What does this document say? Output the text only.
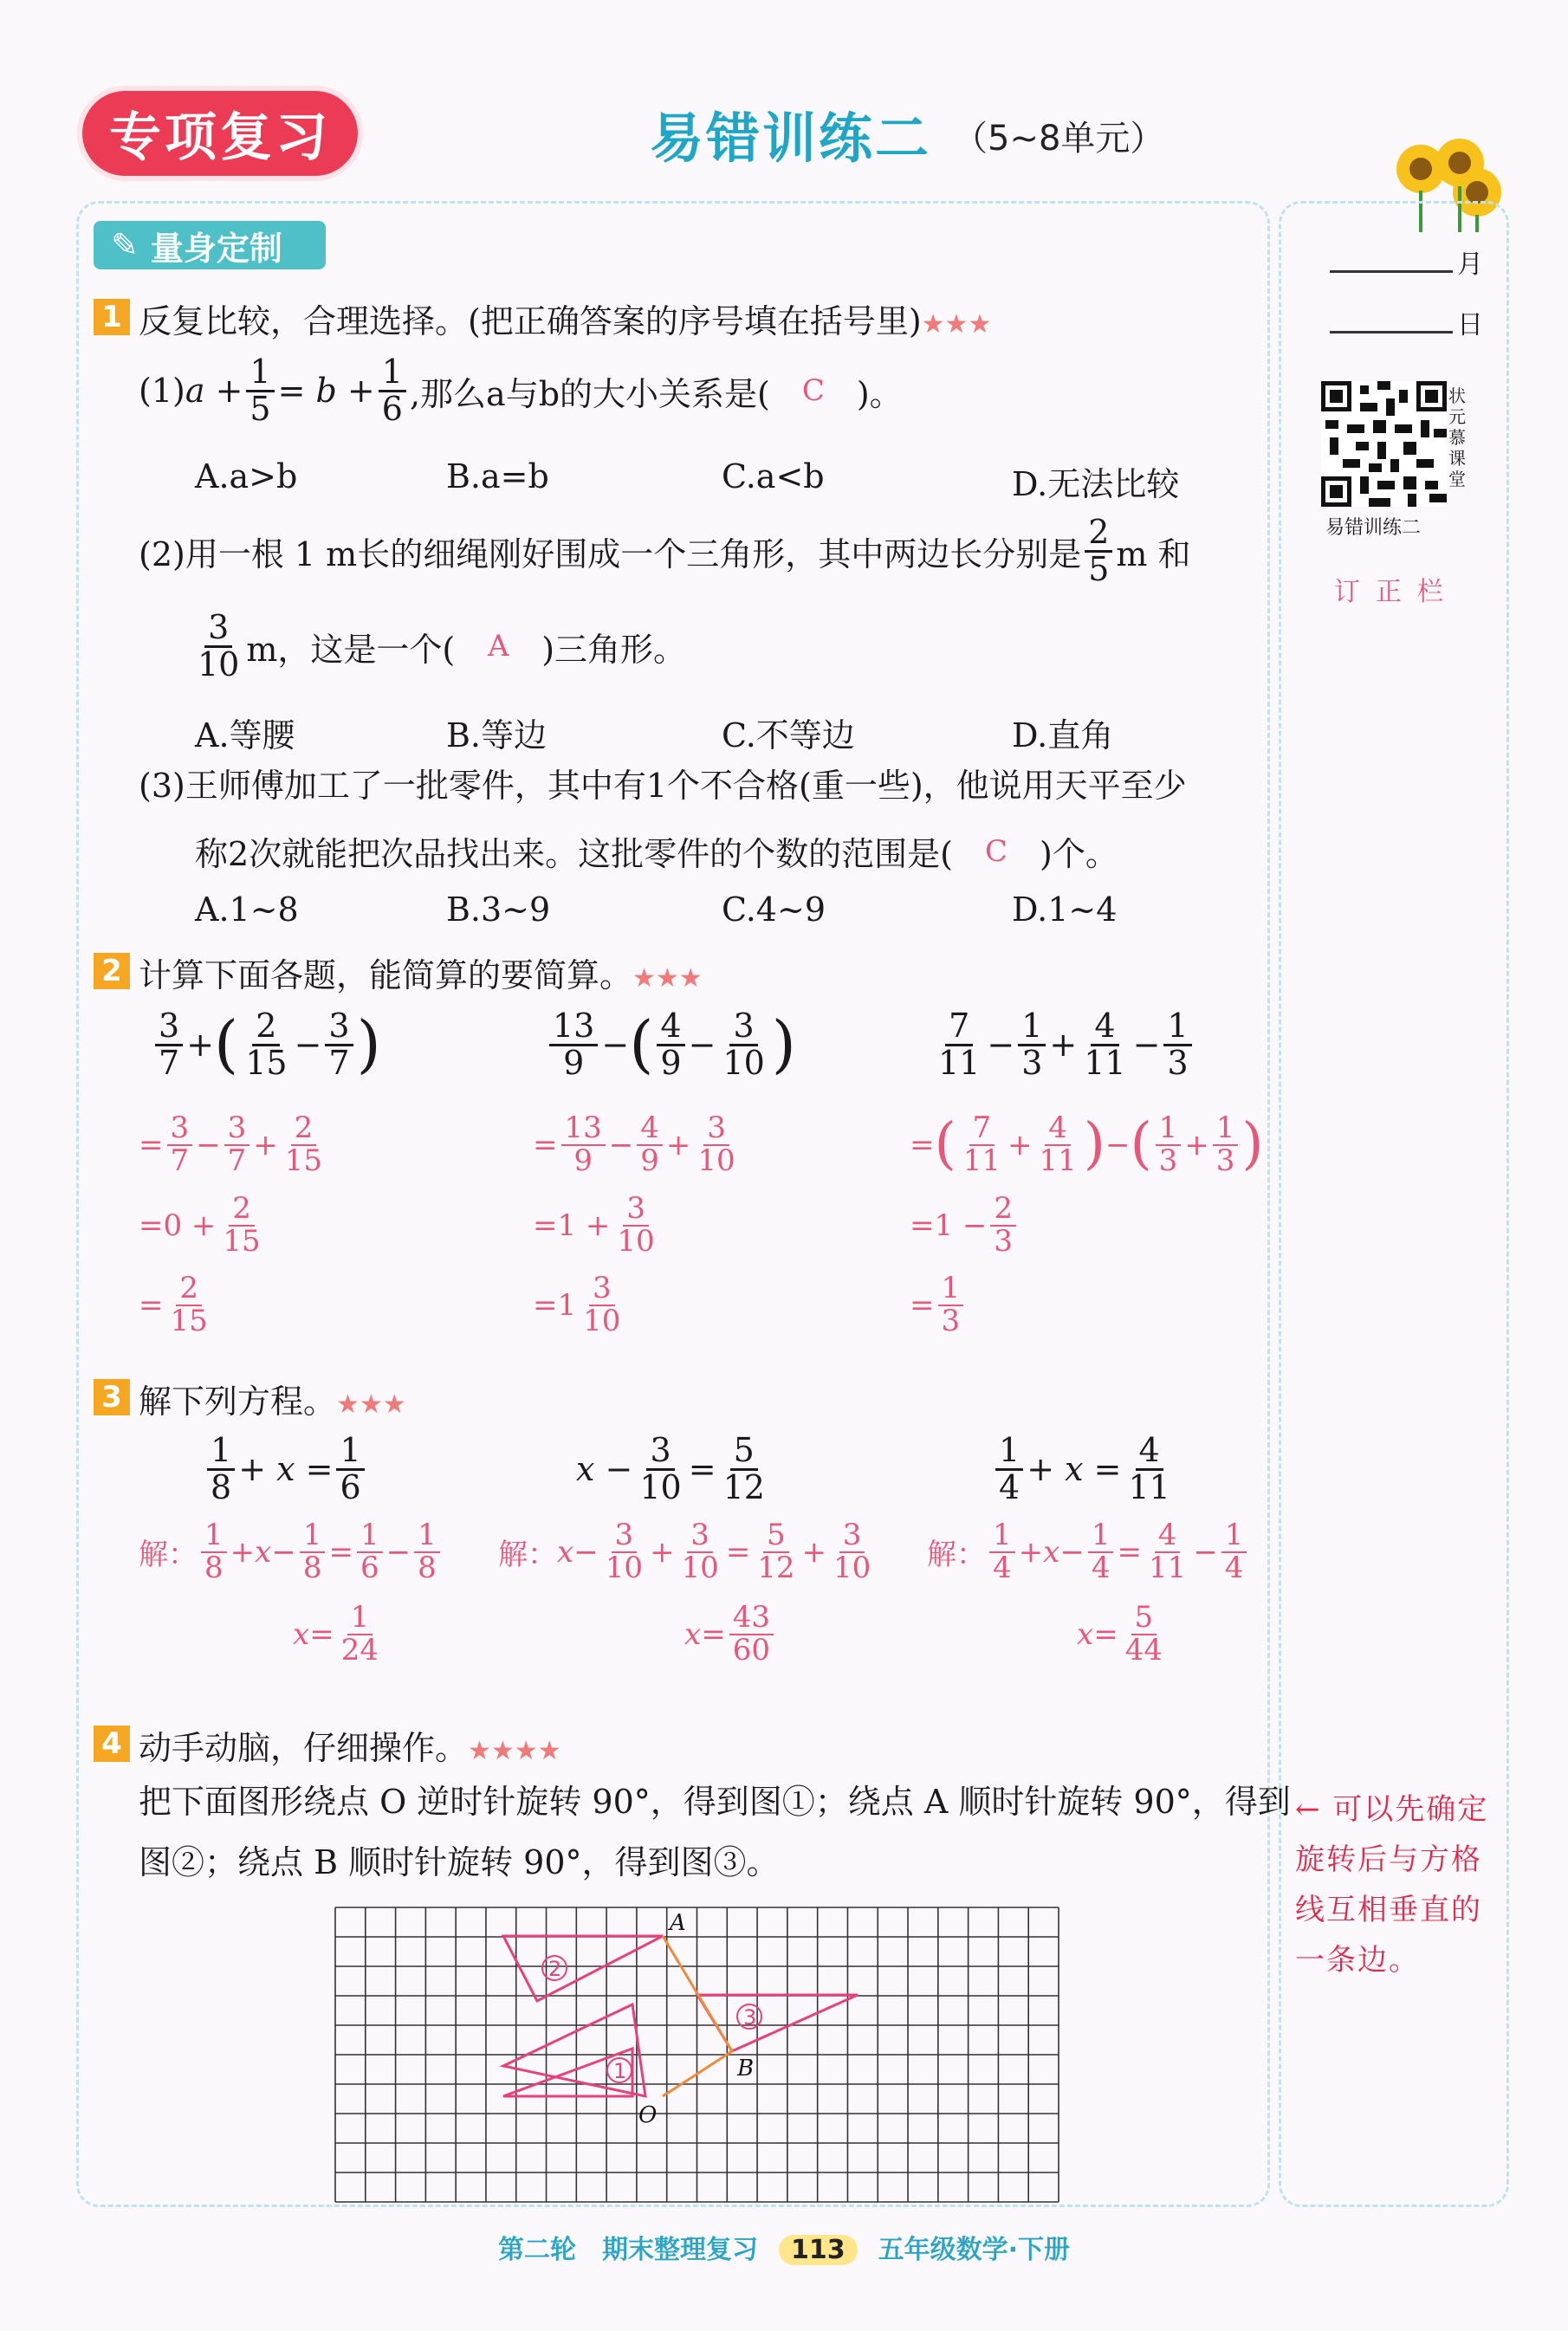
专项复习	易错训练二 （5~8单元）
✎ 量身定制
1 反复比较，合理选择。(把正确答案的序号填在括号里)★★★
(1) $a + \frac{1}{5} = b + \frac{1}{6}$ ,那么a与b的大小关系是(	C )。
A.a>b	B.a=b	C.a<b	D.无法比较
(2)用一根 1 m长的细绳刚好围成一个三角形，其中两边长分别是 $\frac{2}{5}$ m 和
$\frac{3}{10}$ m，这是一个(	A )三角形。
A.等腰	B.等边	C.不等边	D.直角
(3)王师傅加工了一批零件，其中有1个不合格(重一些)，他说用天平至少
称2次就能把次品找出来。这批零件的个数的范围是(	C )个。
A.1~8	B.3~9	C.4~9	D.1~4
2 计算下面各题，能简算的要简算。★★★
$\frac{3}{7}$ + ( $\frac{2}{15} - \frac{3}{7}$ )
= $\frac{3}{7} - \frac{3}{7} + \frac{2}{15}$
$=0 + \frac{2}{15}$
= $\frac{2}{15}$
$\frac{13}{9}$ − ( $\frac{4}{9} - \frac{3}{10}$ )
= $\frac{13}{9} - \frac{4}{9} + \frac{3}{10}$
$=1 + \frac{3}{10}$
$=1 \frac{3}{10}$
$\frac{7}{11} - \frac{1}{3} + \frac{4}{11} - \frac{1}{3}$
= ( $\frac{7}{11} + \frac{4}{11}$ ) − ( $\frac{1}{3} + \frac{1}{3}$ )
$=1 - \frac{2}{3}$
= $\frac{1}{3}$
3 解下列方程。★★★
$\frac{1}{8} + x = \frac{1}{6}$
解： $\frac{1}{8} + x - \frac{1}{8} = \frac{1}{6} - \frac{1}{8}$
$x = \frac{1}{24}$
$x - \frac{3}{10} = \frac{5}{12}$
解： $x - \frac{3}{10} + \frac{3}{10} = \frac{5}{12} + \frac{3}{10}$
$x = \frac{43}{60}$
$\frac{1}{4} + x = \frac{4}{11}$
解： $\frac{1}{4} + x - \frac{1}{4} = \frac{4}{11} - \frac{1}{4}$
$x = \frac{5}{44}$
4 动手动脑，仔细操作。★★★★
把下面图形绕点 O 逆时针旋转 90°，得到图①；绕点 A 顺时针旋转 90°，得到
图②；绕点 B 顺时针旋转 90°，得到图③。
A
B
O
1
2
3
月
日
状元慕课堂
易错训练二
订正栏
← 可以先确定旋转后与方格线互相垂直的一条边。
第二轮　期末整理复习 113 五年级数学·下册
